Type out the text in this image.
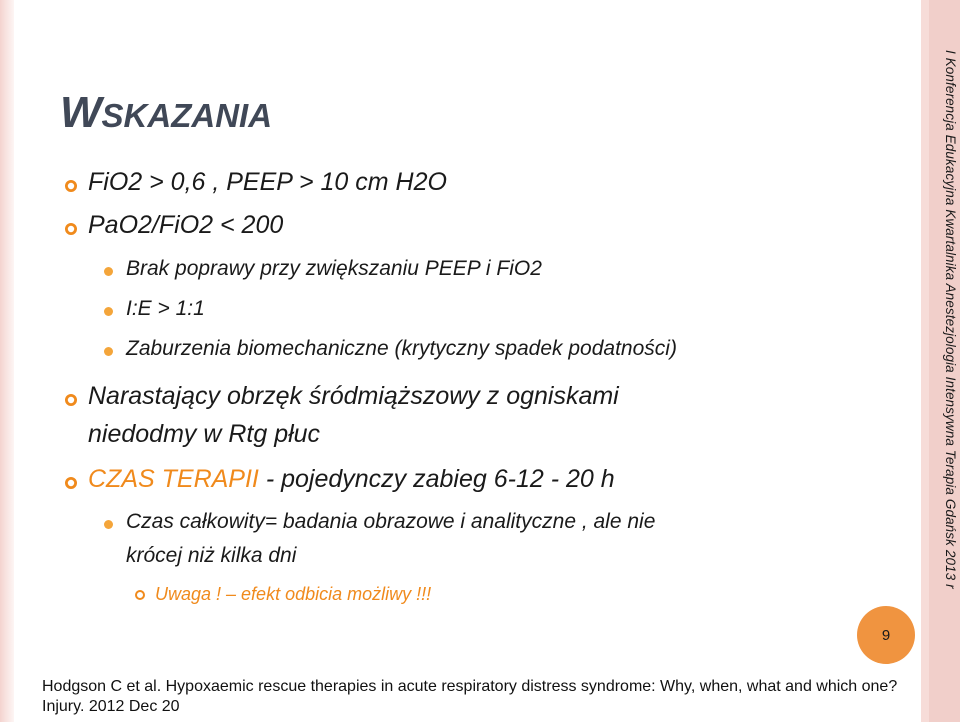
I Konferencja Edukacyjna Kwartalnika Anestezjologia Intensywna Terapia Gdańsk 2013 r
WSKAZANIA
FiO2 > 0,6 , PEEP > 10 cm H2O
PaO2/FiO2 < 200
Brak poprawy przy zwiększaniu PEEP i FiO2
I:E > 1:1
Zaburzenia biomechaniczne (krytyczny spadek podatności)
Narastający obrzęk śródmiąższowy z ogniskami
niedodmy w Rtg płuc
CZAS TERAPII - pojedynczy zabieg 6-12 - 20 h
Czas całkowity= badania obrazowe i analityczne , ale nie
krócej niż kilka dni
Uwaga ! – efekt odbicia możliwy !!!
9
Hodgson C et al. Hypoxaemic rescue therapies in acute respiratory distress syndrome: Why, when, what and which one? Injury. 2012 Dec 20
